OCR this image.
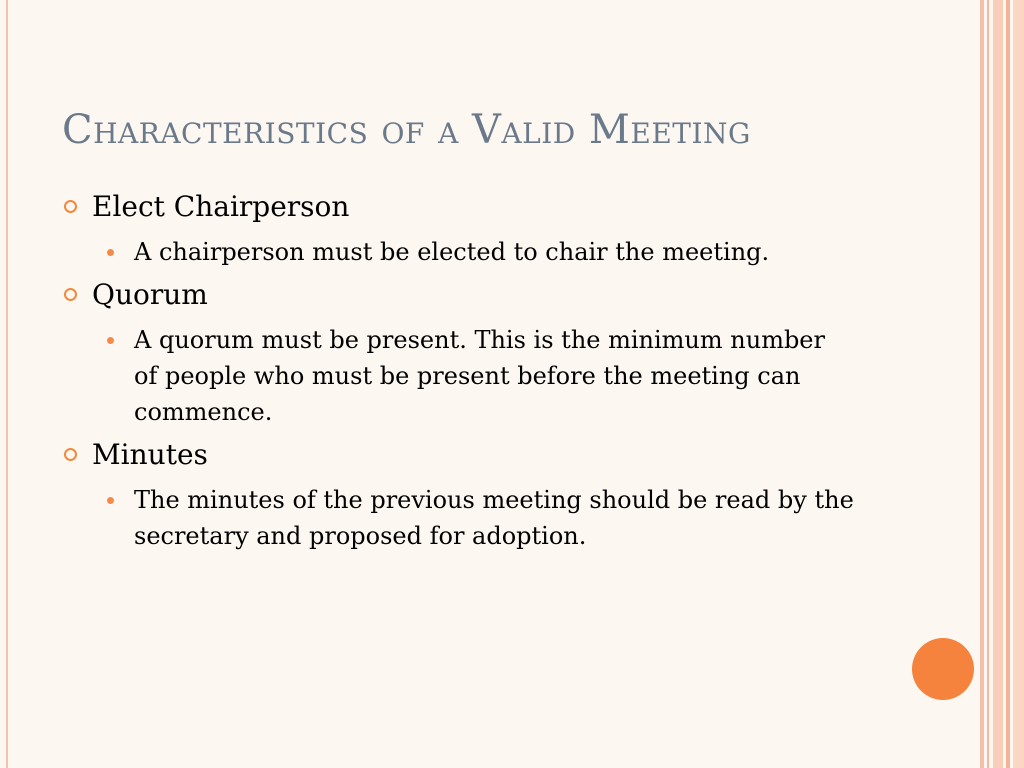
Characteristics of a Valid Meeting
Elect Chairperson
A chairperson must be elected to chair the meeting.
Quorum
A quorum must be present. This is the minimum number of people who must be present before the meeting can commence.
Minutes
The minutes of the previous meeting should be read by the secretary and proposed for adoption.
